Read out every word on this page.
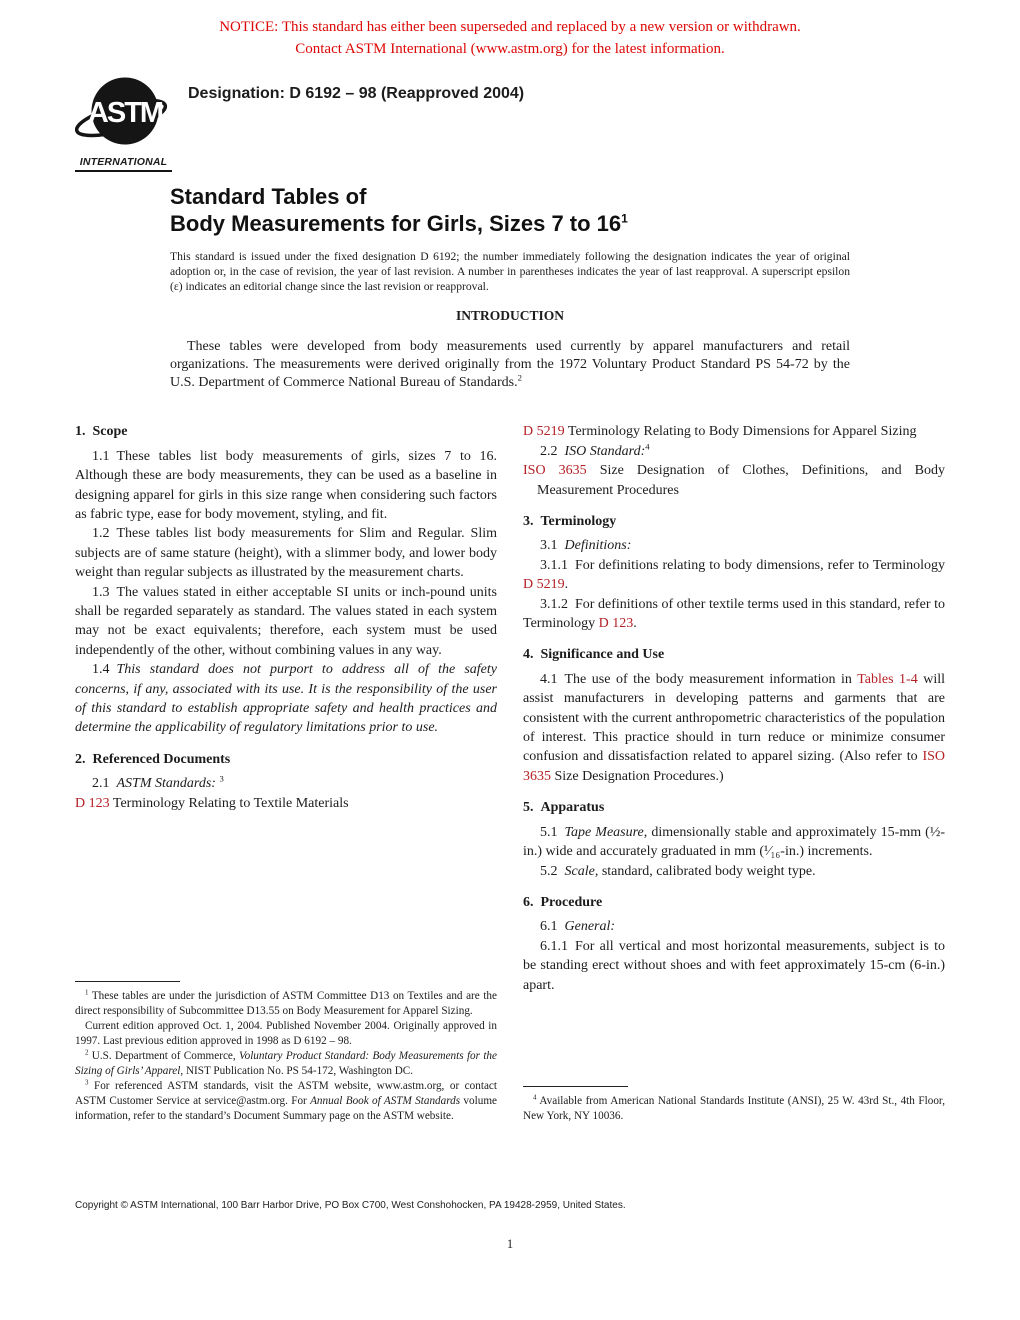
NOTICE: This standard has either been superseded and replaced by a new version or withdrawn.
Contact ASTM International (www.astm.org) for the latest information.
ASTM
INTERNATIONAL
Designation: D 6192 – 98 (Reapproved 2004)
Standard Tables of
Body Measurements for Girls, Sizes 7 to $16^1$

This standard is issued under the fixed designation D 6192; the number immediately following the designation indicates the year of original adoption or, in the case of revision, the year of last revision. A number in parentheses indicates the year of last reapproval. A superscript epsilon (ε) indicates an editorial change since the last revision or reapproval.

INTRODUCTION

These tables were developed from body measurements used currently by apparel manufacturers and retail organizations. The measurements were derived originally from the 1972 Voluntary Product Standard PS 54-72 by the U.S. Department of Commerce National Bureau of Standards.$^2$

1. Scope

1.1 These tables list body measurements of girls, sizes 7 to 16. Although these are body measurements, they can be used as a baseline in designing apparel for girls in this size range when considering such factors as fabric type, ease for body movement, styling, and fit.

1.2 These tables list body measurements for Slim and Regular. Slim subjects are of same stature (height), with a slimmer body, and lower body weight than regular subjects as illustrated by the measurement charts.

1.3 The values stated in either acceptable SI units or inch-pound units shall be regarded separately as standard. The values stated in each system may not be exact equivalents; therefore, each system must be used independently of the other, without combining values in any way.

1.4 This standard does not purport to address all of the safety concerns, if any, associated with its use. It is the responsibility of the user of this standard to establish appropriate safety and health practices and determine the applicability of regulatory limitations prior to use.

2. Referenced Documents

2.1 ASTM Standards: $^3$

D 123 Terminology Relating to Textile Materials

$^1$ These tables are under the jurisdiction of ASTM Committee D13 on Textiles and are the direct responsibility of Subcommittee D13.55 on Body Measurement for Apparel Sizing.

Current edition approved Oct. 1, 2004. Published November 2004. Originally approved in 1997. Last previous edition approved in 1998 as D 6192 – 98.

$^2$ U.S. Department of Commerce, Voluntary Product Standard: Body Measurements for the Sizing of Girls’ Apparel, NIST Publication No. PS 54-172, Washington DC.

$^3$ For referenced ASTM standards, visit the ASTM website, www.astm.org, or contact ASTM Customer Service at service@astm.org. For Annual Book of ASTM Standards volume information, refer to the standard’s Document Summary page on the ASTM website.

D 5219 Terminology Relating to Body Dimensions for Apparel Sizing

2.2 ISO Standard:$^4$

ISO 3635 Size Designation of Clothes, Definitions, and Body Measurement Procedures

3. Terminology

3.1 Definitions:

3.1.1 For definitions relating to body dimensions, refer to Terminology D 5219.

3.1.2 For definitions of other textile terms used in this standard, refer to Terminology D 123.

4. Significance and Use

4.1 The use of the body measurement information in Tables 1-4 will assist manufacturers in developing patterns and garments that are consistent with the current anthropometric characteristics of the population of interest. This practice should in turn reduce or minimize consumer confusion and dissatisfaction related to apparel sizing. (Also refer to ISO 3635 Size Designation Procedures.)

5. Apparatus

5.1 Tape Measure, dimensionally stable and approximately 15-mm (½-in.) wide and accurately graduated in mm (¹⁄₁₆-in.) increments.

5.2 Scale, standard, calibrated body weight type.

6. Procedure

6.1 General:

6.1.1 For all vertical and most horizontal measurements, subject is to be standing erect without shoes and with feet approximately 15-cm (6-in.) apart.

$^4$ Available from American National Standards Institute (ANSI), 25 W. 43rd St., 4th Floor, New York, NY 10036.

Copyright © ASTM International, 100 Barr Harbor Drive, PO Box C700, West Conshohocken, PA 19428-2959, United States.

1
